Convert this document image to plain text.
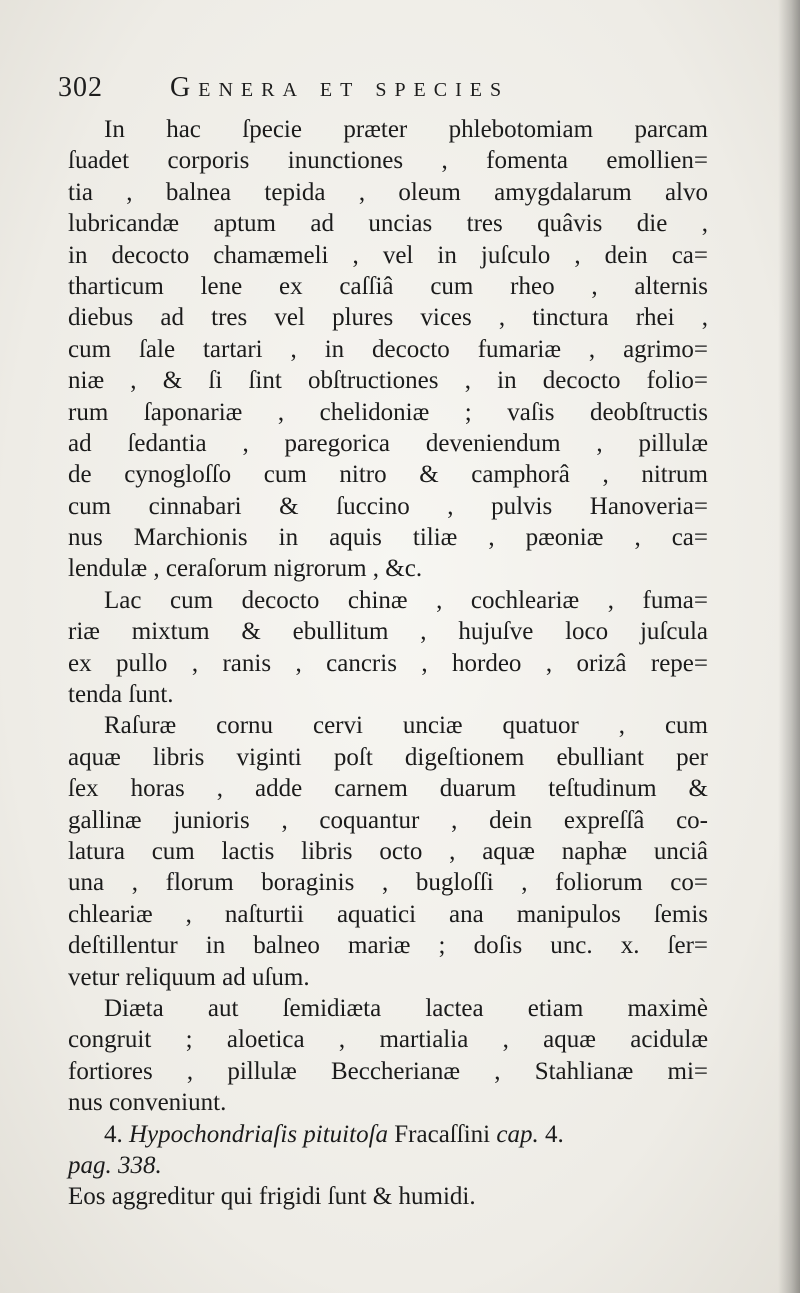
302 Genera et species
In hac ſpecie præter phlebotomiam parcam
ſuadet corporis inunctiones , fomenta emollien=
tia , balnea tepida , oleum amygdalarum alvo
lubricandæ aptum ad uncias tres quâvis die ,
in decocto chamæmeli , vel in juſculo , dein ca=
tharticum lene ex caſſiâ cum rheo , alternis
diebus ad tres vel plures vices , tinctura rhei ,
cum ſale tartari , in decocto fumariæ , agrimo=
niæ , & ſi ſint obſtructiones , in decocto folio=
rum ſaponariæ , chelidoniæ ; vaſis deobſtructis
ad ſedantia , paregorica deveniendum , pillulæ
de cynogloſſo cum nitro & camphorâ , nitrum
cum cinnabari & ſuccino , pulvis Hanoveria=
nus Marchionis in aquis tiliæ , pæoniæ , ca=
lendulæ , ceraſorum nigrorum , &c.
Lac cum decocto chinæ , cochleariæ , fuma=
riæ mixtum & ebullitum , hujuſve loco juſcula
ex pullo , ranis , cancris , hordeo , orizâ repe=
tenda ſunt.
Raſuræ cornu cervi unciæ quatuor , cum
aquæ libris viginti poſt digeſtionem ebulliant per
ſex horas , adde carnem duarum teſtudinum &
gallinæ junioris , coquantur , dein expreſſâ co-
latura cum lactis libris octo , aquæ naphæ unciâ
una , florum boraginis , bugloſſi , foliorum co=
chleariæ , naſturtii aquatici ana manipulos ſemis
deſtillentur in balneo mariæ ; doſis unc. x. ſer=
vetur reliquum ad uſum.
Diæta aut ſemidiæta lactea etiam maximè
congruit ; aloetica , martialia , aquæ acidulæ
fortiores , pillulæ Beccherianæ , Stahlianæ mi=
nus conveniunt.
4. Hypochondriaſis pituitoſa Fracaſſini cap. 4.
pag. 338.
Eos aggreditur qui frigidi ſunt & humidi.
